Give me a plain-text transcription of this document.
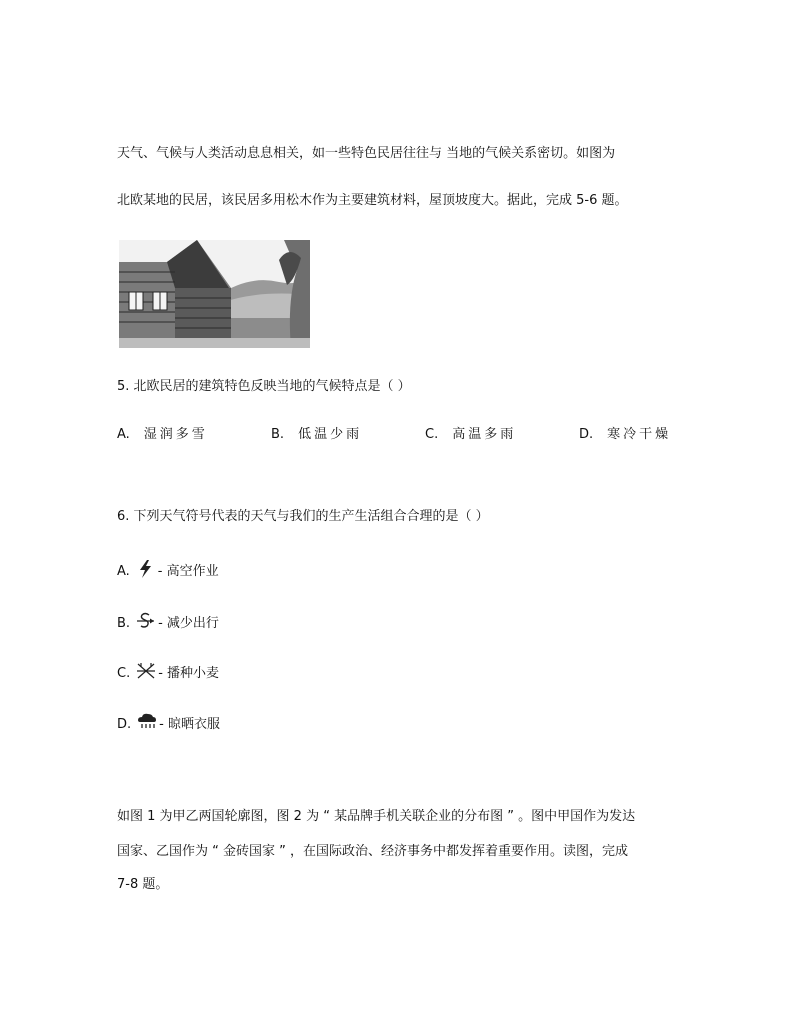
天气、气候与人类活动息息相关，如一些特色民居往往与 当地的气候关系密切。如图为
北欧某地的民居，该民居多用松木作为主要建筑材料，屋顶坡度大。据此，完成 5-6 题。
5. 北欧民居的建筑特色反映当地的气候特点是（ ）
A. 湿润多雪	B. 低温少雨	C. 高温多雨	D. 寒冷干燥
6. 下列天气符号代表的天气与我们的生产生活组合合理的是（ ）
A. - 高空作业
B. - 减少出行
C. - 播种小麦
D. - 晾晒衣服
如图 1 为甲乙两国轮廓图，图 2 为 “ 某品牌手机关联企业的分布图 ” 。图中甲国作为发达
国家、乙国作为 “ 金砖国家 ” ，在国际政治、经济事务中都发挥着重要作用。读图，完成
7-8 题。
